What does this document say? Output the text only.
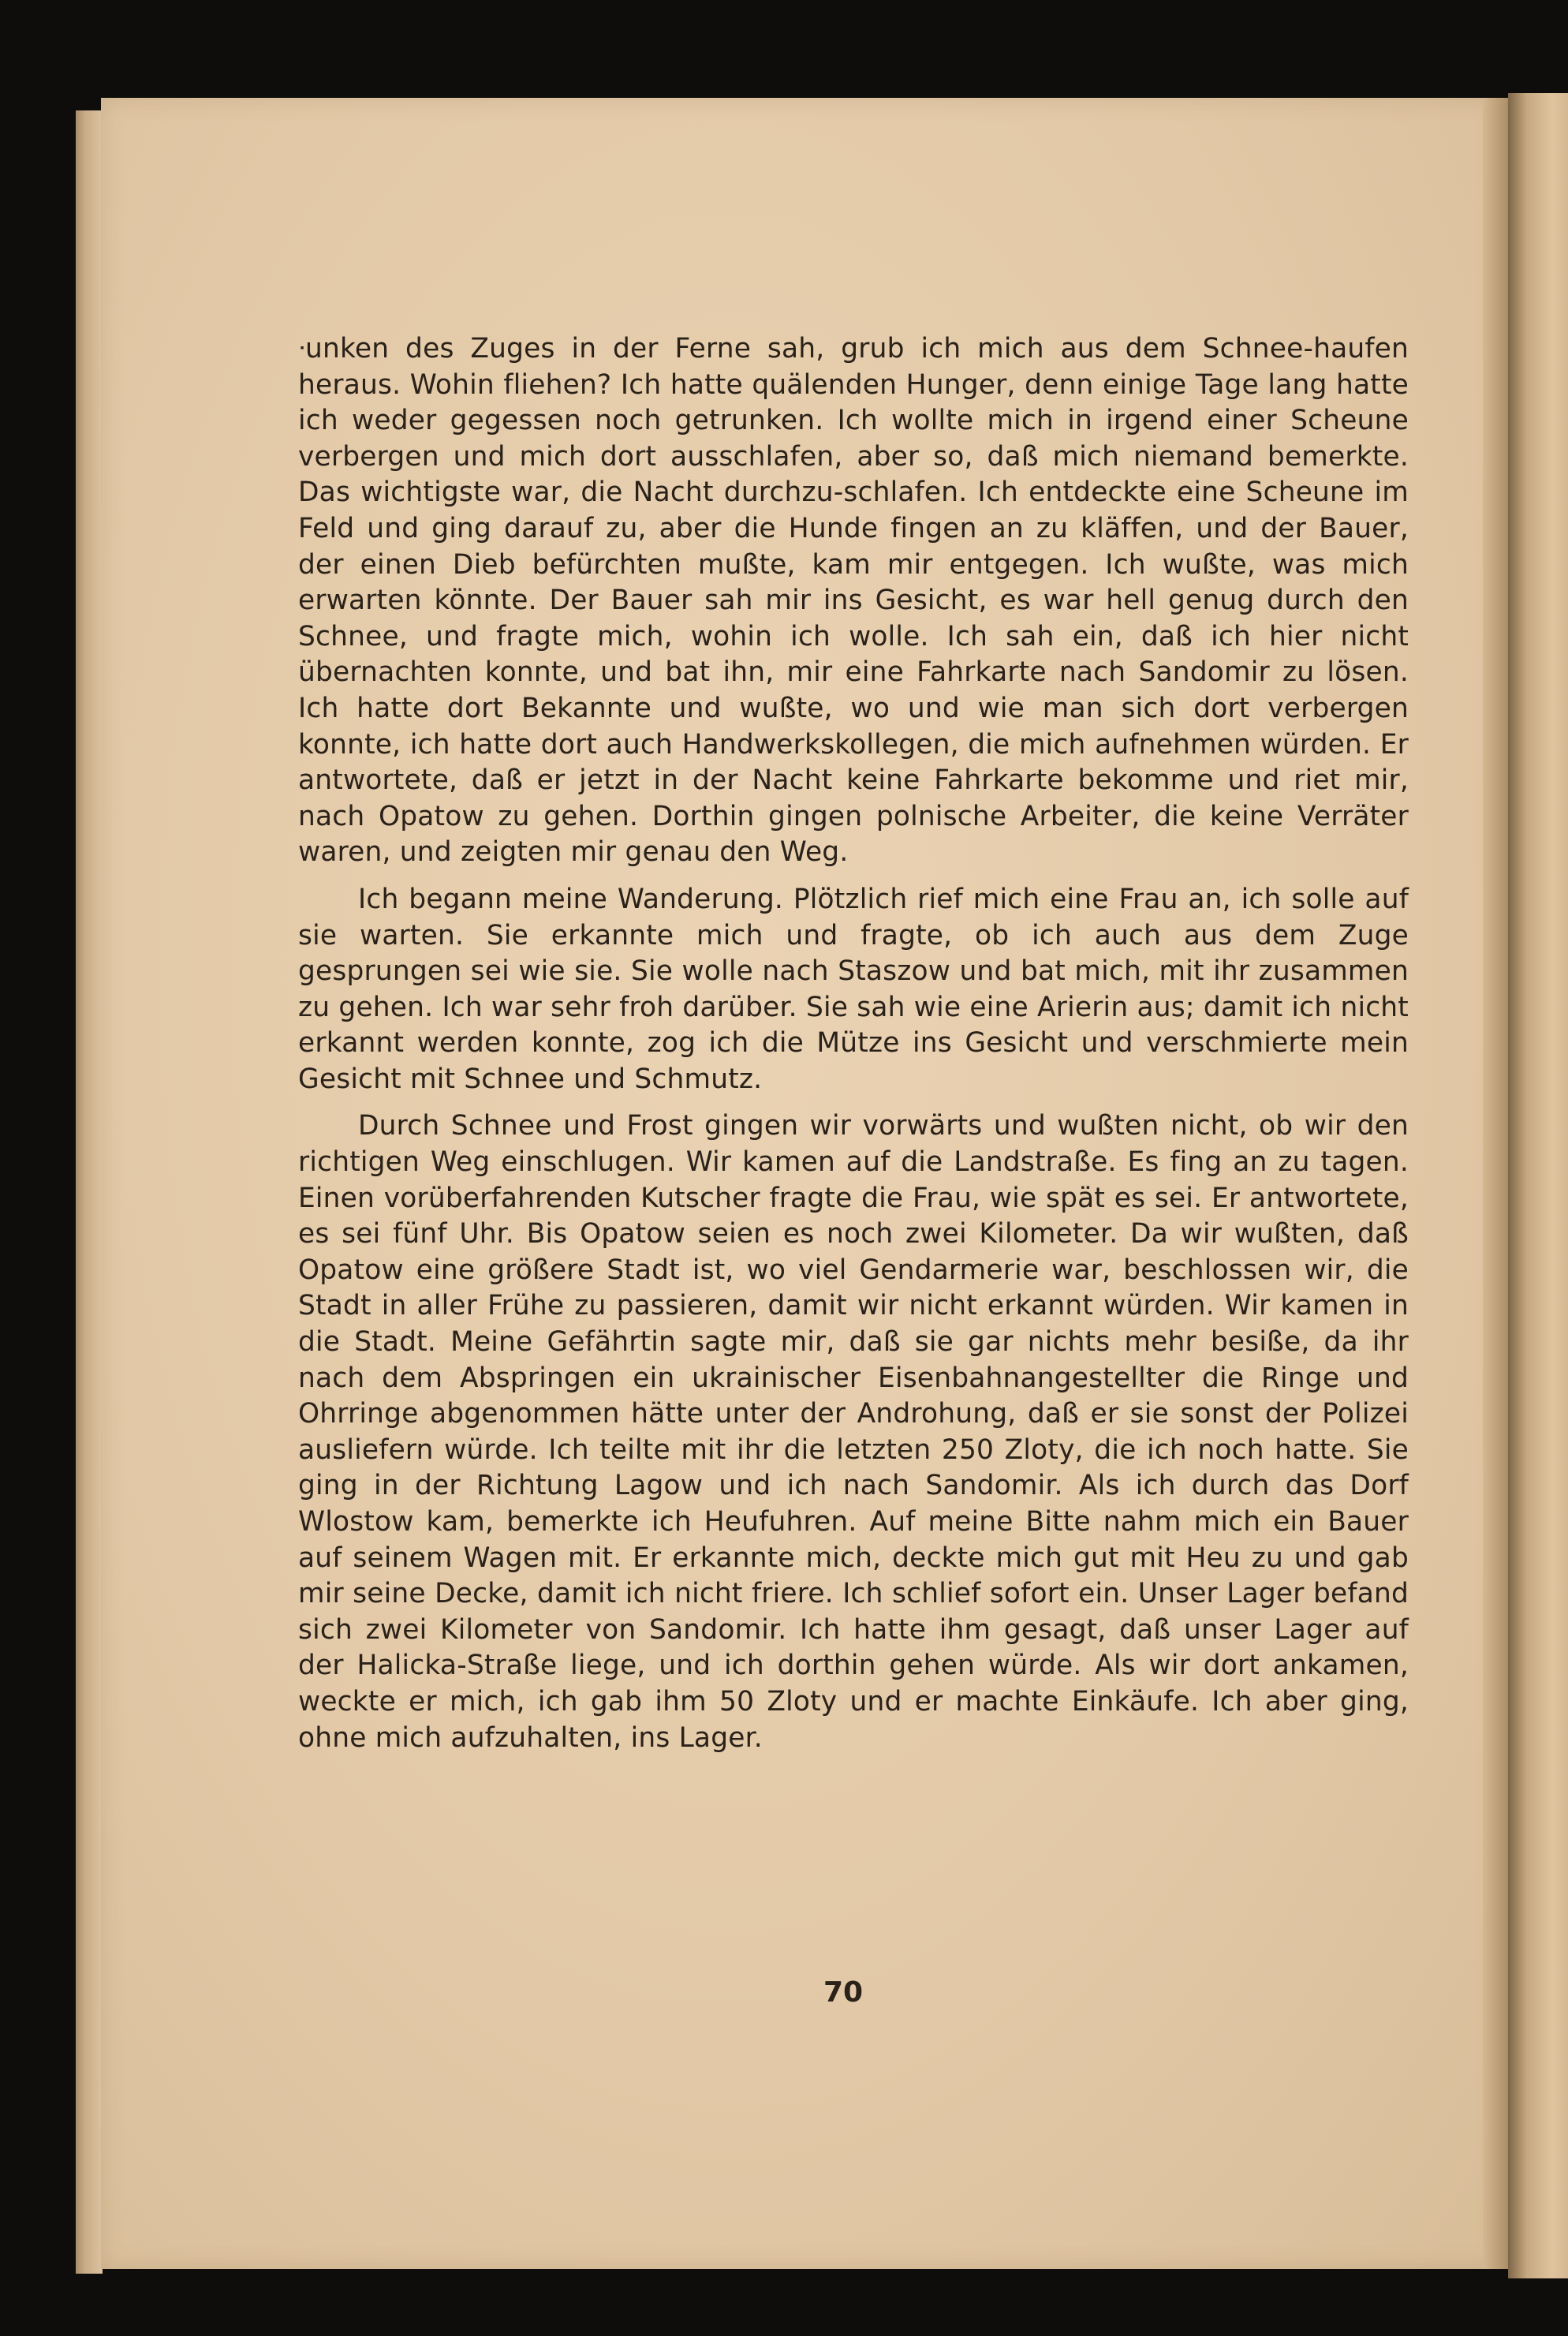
ᐧunken des Zuges in der Ferne sah, grub ich mich aus dem Schnee-haufen heraus. Wohin fliehen? Ich hatte quälenden Hunger, denn einige Tage lang hatte ich weder gegessen noch getrunken. Ich wollte mich in irgend einer Scheune verbergen und mich dort ausschlafen, aber so, daß mich niemand bemerkte. Das wichtigste war, die Nacht durchzu-schlafen. Ich entdeckte eine Scheune im Feld und ging darauf zu, aber die Hunde fingen an zu kläffen, und der Bauer, der einen Dieb befürchten mußte, kam mir entgegen. Ich wußte, was mich erwarten könnte. Der Bauer sah mir ins Gesicht, es war hell genug durch den Schnee, und fragte mich, wohin ich wolle. Ich sah ein, daß ich hier nicht übernachten konnte, und bat ihn, mir eine Fahrkarte nach Sandomir zu lösen. Ich hatte dort Bekannte und wußte, wo und wie man sich dort verbergen konnte, ich hatte dort auch Handwerkskollegen, die mich aufnehmen würden. Er antwortete, daß er jetzt in der Nacht keine Fahrkarte bekomme und riet mir, nach Opatow zu gehen. Dorthin gingen polnische Arbeiter, die keine Verräter waren, und zeigten mir genau den Weg.

Ich begann meine Wanderung. Plötzlich rief mich eine Frau an, ich solle auf sie warten. Sie erkannte mich und fragte, ob ich auch aus dem Zuge gesprungen sei wie sie. Sie wolle nach Staszow und bat mich, mit ihr zusammen zu gehen. Ich war sehr froh darüber. Sie sah wie eine Arierin aus; damit ich nicht erkannt werden konnte, zog ich die Mütze ins Gesicht und verschmierte mein Gesicht mit Schnee und Schmutz.

Durch Schnee und Frost gingen wir vorwärts und wußten nicht, ob wir den richtigen Weg einschlugen. Wir kamen auf die Landstraße. Es fing an zu tagen. Einen vorüberfahrenden Kutscher fragte die Frau, wie spät es sei. Er antwortete, es sei fünf Uhr. Bis Opatow seien es noch zwei Kilometer. Da wir wußten, daß Opatow eine größere Stadt ist, wo viel Gendarmerie war, beschlossen wir, die Stadt in aller Frühe zu passieren, damit wir nicht erkannt würden. Wir kamen in die Stadt. Meine Gefährtin sagte mir, daß sie gar nichts mehr besiße, da ihr nach dem Abspringen ein ukrainischer Eisenbahnangestellter die Ringe und Ohrringe abgenommen hätte unter der Androhung, daß er sie sonst der Polizei ausliefern würde. Ich teilte mit ihr die letzten 250 Zloty, die ich noch hatte. Sie ging in der Richtung Lagow und ich nach Sandomir. Als ich durch das Dorf Wlostow kam, bemerkte ich Heufuhren. Auf meine Bitte nahm mich ein Bauer auf seinem Wagen mit. Er erkannte mich, deckte mich gut mit Heu zu und gab mir seine Decke, damit ich nicht friere. Ich schlief sofort ein. Unser Lager befand sich zwei Kilometer von Sandomir. Ich hatte ihm gesagt, daß unser Lager auf der Halicka-Straße liege, und ich dorthin gehen würde. Als wir dort ankamen, weckte er mich, ich gab ihm 50 Zloty und er machte Einkäufe. Ich aber ging, ohne mich aufzuhalten, ins Lager.

70
